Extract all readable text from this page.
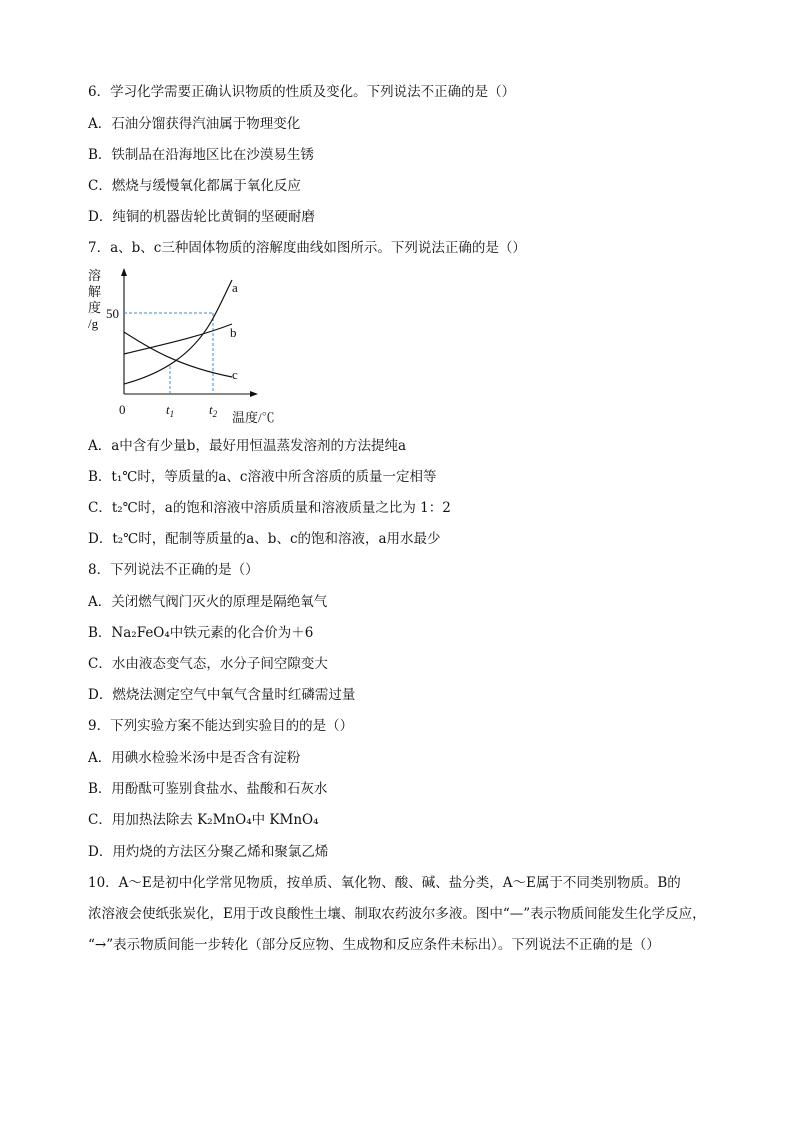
6．学习化学需要正确认识物质的性质及变化。下列说法不正确的是（）
A．石油分馏获得汽油属于物理变化
B．铁制品在沿海地区比在沙漠易生锈
C．燃烧与缓慢氧化都属于氧化反应
D．纯铜的机器齿轮比黄铜的坚硬耐磨
7．a、b、c三种固体物质的溶解度曲线如图所示。下列说法正确的是（）
溶
解
度
/g
50
a
b
c
0	$t_1$	$t_2$ 温度/℃
A．a中含有少量b，最好用恒温蒸发溶剂的方法提纯a
B．t₁℃时，等质量的a、c溶液中所含溶质的质量一定相等
C．t₂℃时，a的饱和溶液中溶质质量和溶液质量之比为 1：2
D．t₂℃时，配制等质量的a、b、c的饱和溶液，a用水最少
8．下列说法不正确的是（）
A．关闭燃气阀门灭火的原理是隔绝氧气
B．Na₂FeO₄中铁元素的化合价为＋6
C．水由液态变气态，水分子间空隙变大
D．燃烧法测定空气中氧气含量时红磷需过量
9．下列实验方案不能达到实验目的的是（）
A．用碘水检验米汤中是否含有淀粉
B．用酚酞可鉴别食盐水、盐酸和石灰水
C．用加热法除去 K₂MnO₄中 KMnO₄
D．用灼烧的方法区分聚乙烯和聚氯乙烯
10．A～E是初中化学常见物质，按单质、氧化物、酸、碱、盐分类，A～E属于不同类别物质。B的
浓溶液会使纸张炭化，E用于改良酸性土壤、制取农药波尔多液。图中“—”表示物质间能发生化学反应，
“→”表示物质间能一步转化（部分反应物、生成物和反应条件未标出）。下列说法不正确的是（）
